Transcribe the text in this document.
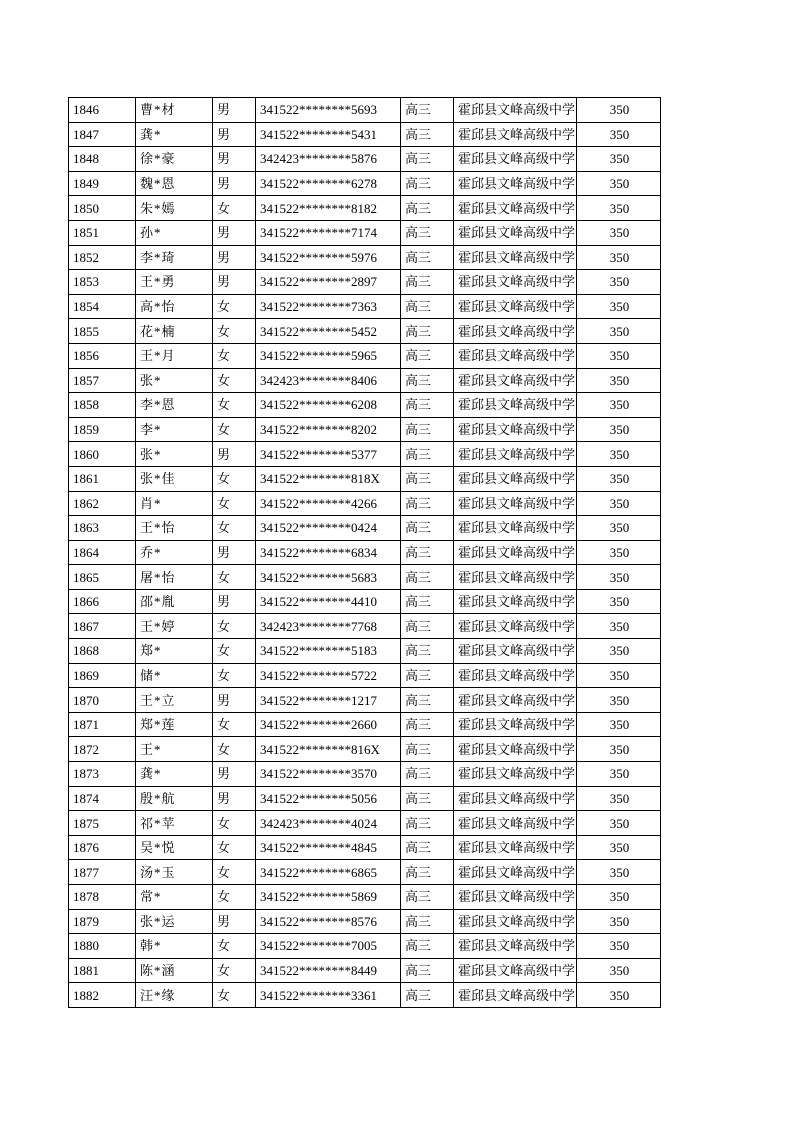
1846	曹*材	男	341522********5693	高三	霍邱县文峰高级中学	350
1847	龚*	男	341522********5431	高三	霍邱县文峰高级中学	350
1848	徐*豪	男	342423********5876	高三	霍邱县文峰高级中学	350
1849	魏*恩	男	341522********6278	高三	霍邱县文峰高级中学	350
1850	朱*嫣	女	341522********8182	高三	霍邱县文峰高级中学	350
1851	孙*	男	341522********7174	高三	霍邱县文峰高级中学	350
1852	李*琦	男	341522********5976	高三	霍邱县文峰高级中学	350
1853	王*勇	男	341522********2897	高三	霍邱县文峰高级中学	350
1854	高*怡	女	341522********7363	高三	霍邱县文峰高级中学	350
1855	花*楠	女	341522********5452	高三	霍邱县文峰高级中学	350
1856	王*月	女	341522********5965	高三	霍邱县文峰高级中学	350
1857	张*	女	342423********8406	高三	霍邱县文峰高级中学	350
1858	李*恩	女	341522********6208	高三	霍邱县文峰高级中学	350
1859	李*	女	341522********8202	高三	霍邱县文峰高级中学	350
1860	张*	男	341522********5377	高三	霍邱县文峰高级中学	350
1861	张*佳	女	341522********818X	高三	霍邱县文峰高级中学	350
1862	肖*	女	341522********4266	高三	霍邱县文峰高级中学	350
1863	王*怡	女	341522********0424	高三	霍邱县文峰高级中学	350
1864	乔*	男	341522********6834	高三	霍邱县文峰高级中学	350
1865	屠*怡	女	341522********5683	高三	霍邱县文峰高级中学	350
1866	邵*胤	男	341522********4410	高三	霍邱县文峰高级中学	350
1867	王*婷	女	342423********7768	高三	霍邱县文峰高级中学	350
1868	郑*	女	341522********5183	高三	霍邱县文峰高级中学	350
1869	储*	女	341522********5722	高三	霍邱县文峰高级中学	350
1870	王*立	男	341522********1217	高三	霍邱县文峰高级中学	350
1871	郑*莲	女	341522********2660	高三	霍邱县文峰高级中学	350
1872	王*	女	341522********816X	高三	霍邱县文峰高级中学	350
1873	龚*	男	341522********3570	高三	霍邱县文峰高级中学	350
1874	殷*航	男	341522********5056	高三	霍邱县文峰高级中学	350
1875	祁*苹	女	342423********4024	高三	霍邱县文峰高级中学	350
1876	吴*悦	女	341522********4845	高三	霍邱县文峰高级中学	350
1877	汤*玉	女	341522********6865	高三	霍邱县文峰高级中学	350
1878	常*	女	341522********5869	高三	霍邱县文峰高级中学	350
1879	张*运	男	341522********8576	高三	霍邱县文峰高级中学	350
1880	韩*	女	341522********7005	高三	霍邱县文峰高级中学	350
1881	陈*涵	女	341522********8449	高三	霍邱县文峰高级中学	350
1882	汪*缘	女	341522********3361	高三	霍邱县文峰高级中学	350
